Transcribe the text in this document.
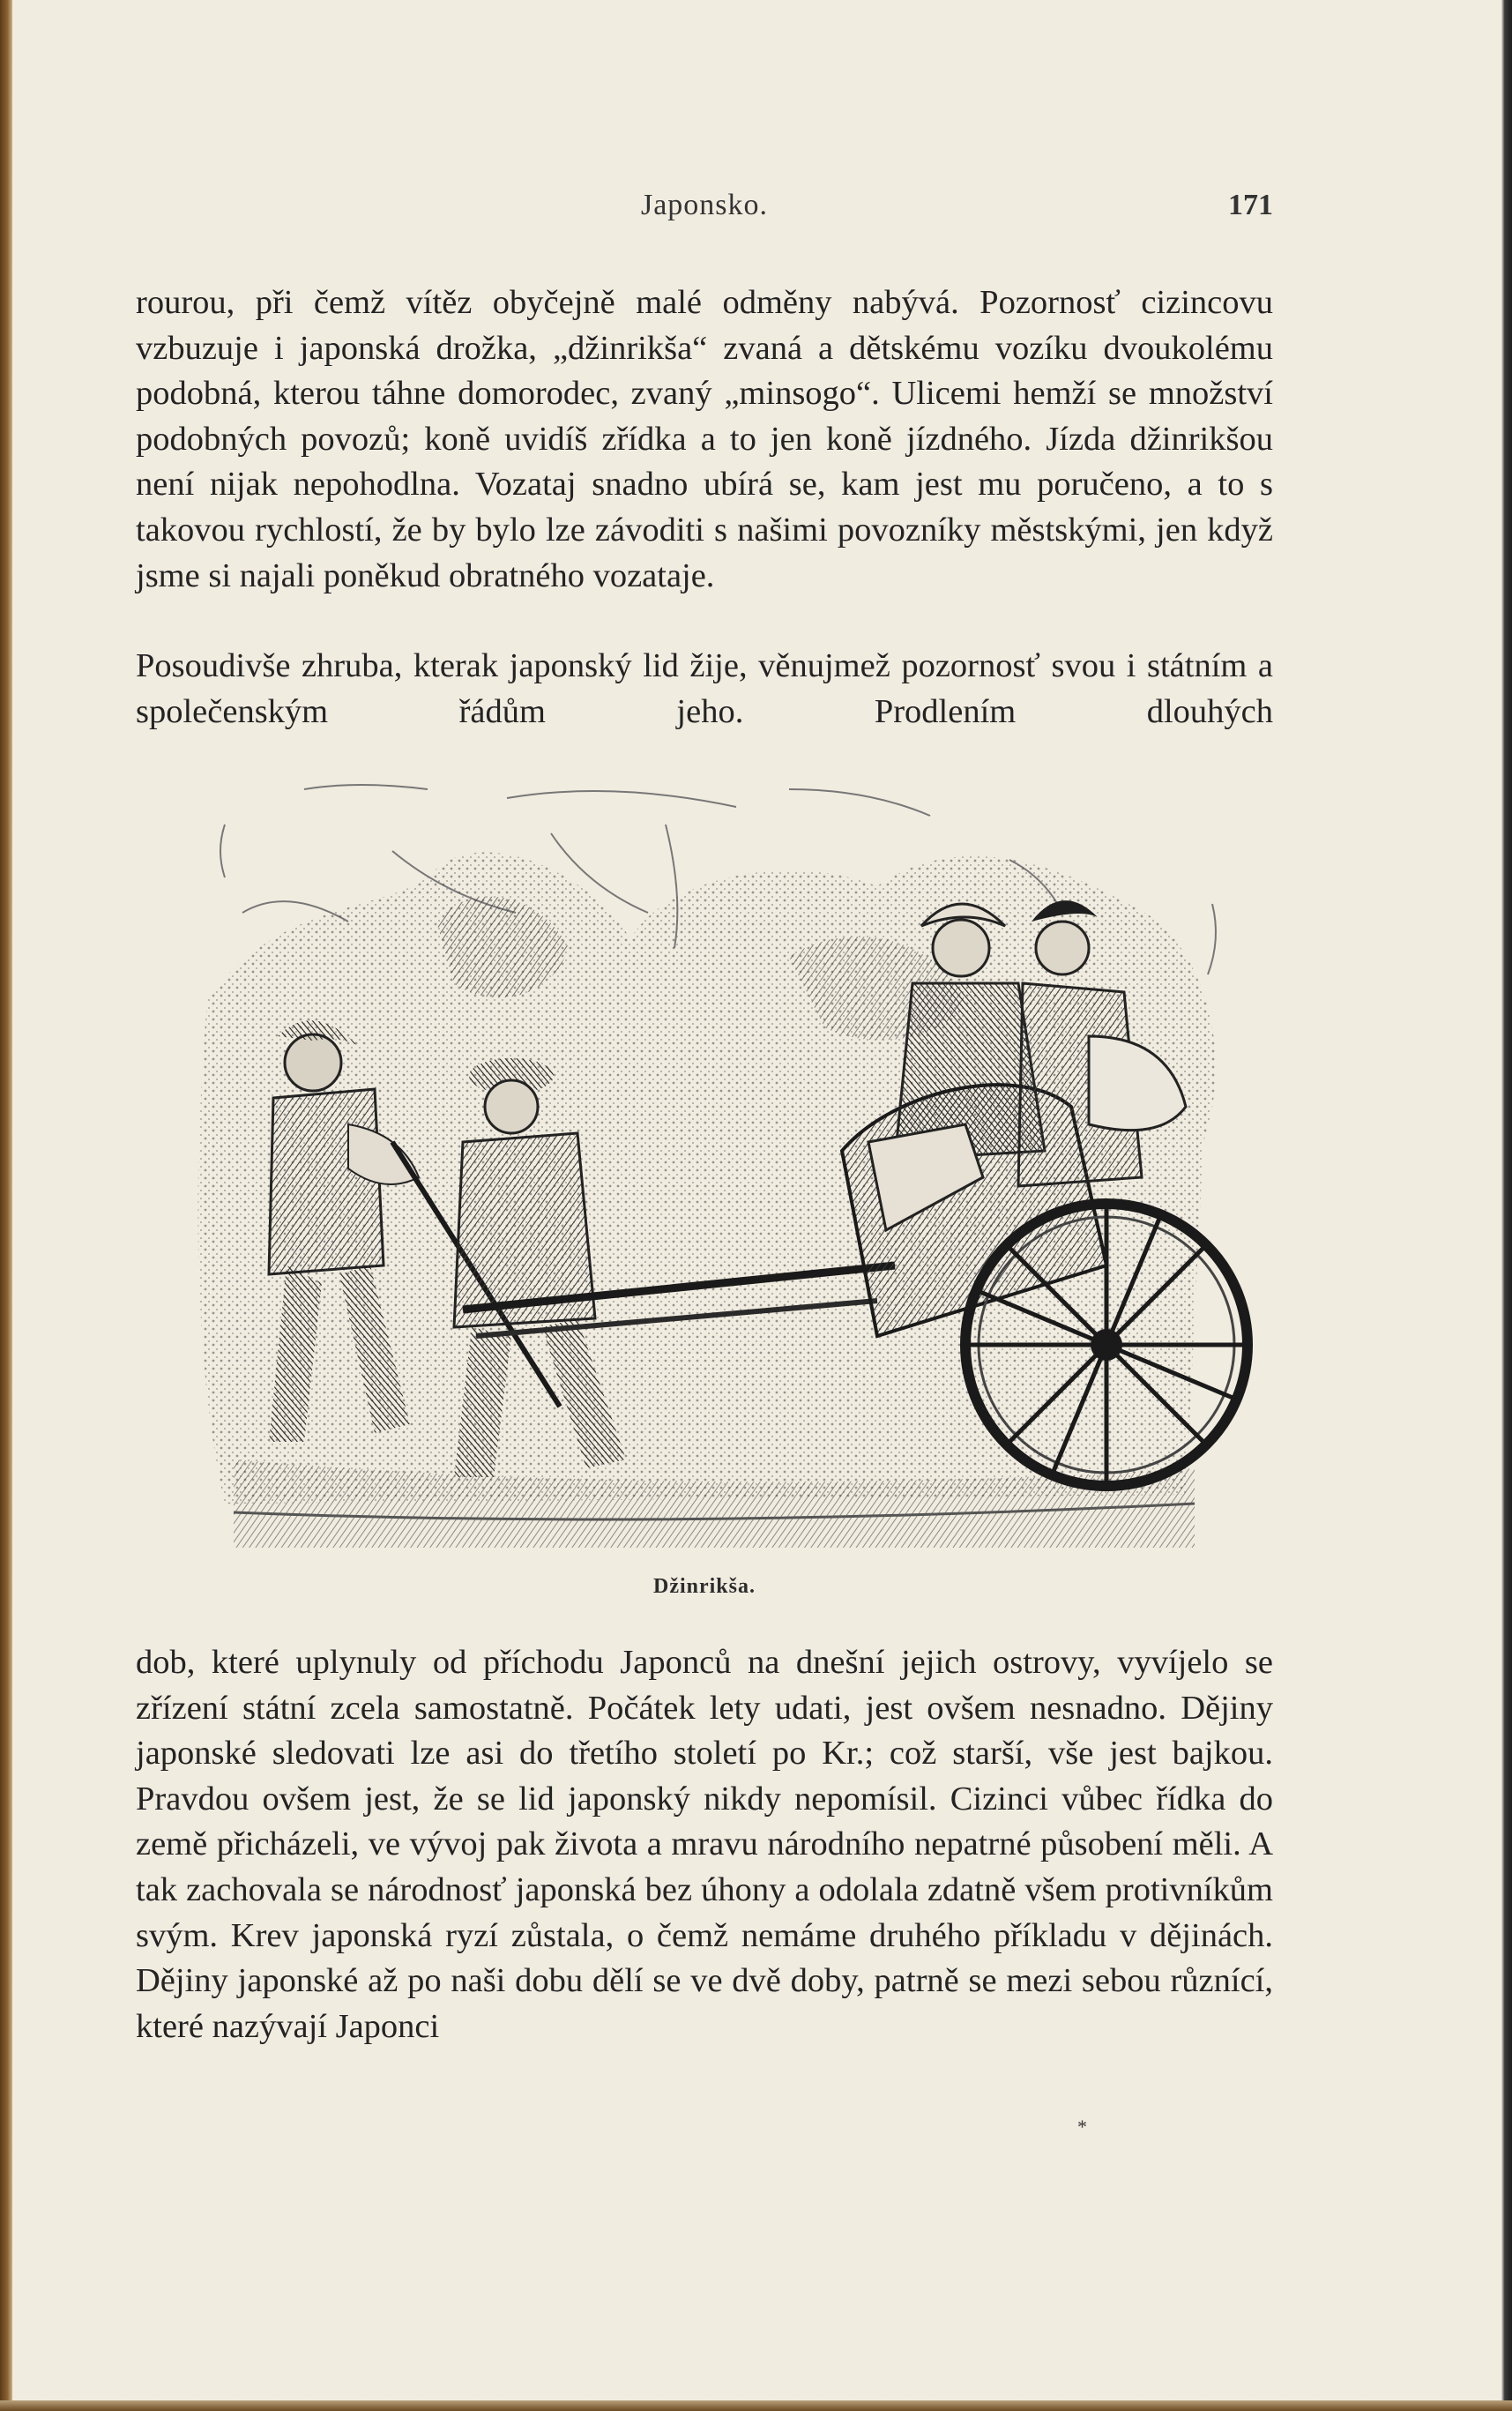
Japonsko.	171

rourou, při čemž vítěz obyčejně malé odměny nabývá. Pozornosť cizincovu vzbuzuje i japonská drožka, „džinrikša“ zvaná a dětskému vozíku dvoukolému podobná, kterou táhne domorodec, zvaný „minsogo“. Ulicemi hemží se množství podobných povozů; koně uvidíš zřídka a to jen koně jízdného. Jízda džinrikšou není nijak nepohodlna. Vozataj snadno ubírá se, kam jest mu poručeno, a to s takovou rychlostí, že by bylo lze závoditi s našimi povozníky městskými, jen když jsme si najali poněkud obratného vozataje.

Posoudivše zhruba, kterak japonský lid žije, věnujmež pozornosť svou i státním a společenským řádům jeho. Prodlením dlouhých

Džinrikša.

dob, které uplynuly od příchodu Japonců na dnešní jejich ostrovy, vyvíjelo se zřízení státní zcela samostatně. Počátek lety udati, jest ovšem nesnadno. Dějiny japonské sledovati lze asi do třetího století po Kr.; což starší, vše jest bajkou. Pravdou ovšem jest, že se lid japonský nikdy nepomísil. Cizinci vůbec řídka do země přicházeli, ve vývoj pak života a mravu národního nepatrné působení měli. A tak zachovala se národnosť japonská bez úhony a odolala zdatně všem protivníkům svým. Krev japonská ryzí zůstala, o čemž nemáme druhého příkladu v dějinách. Dějiny japonské až po naši dobu dělí se ve dvě doby, patrně se mezi sebou různící, které nazývají Japonci

*
